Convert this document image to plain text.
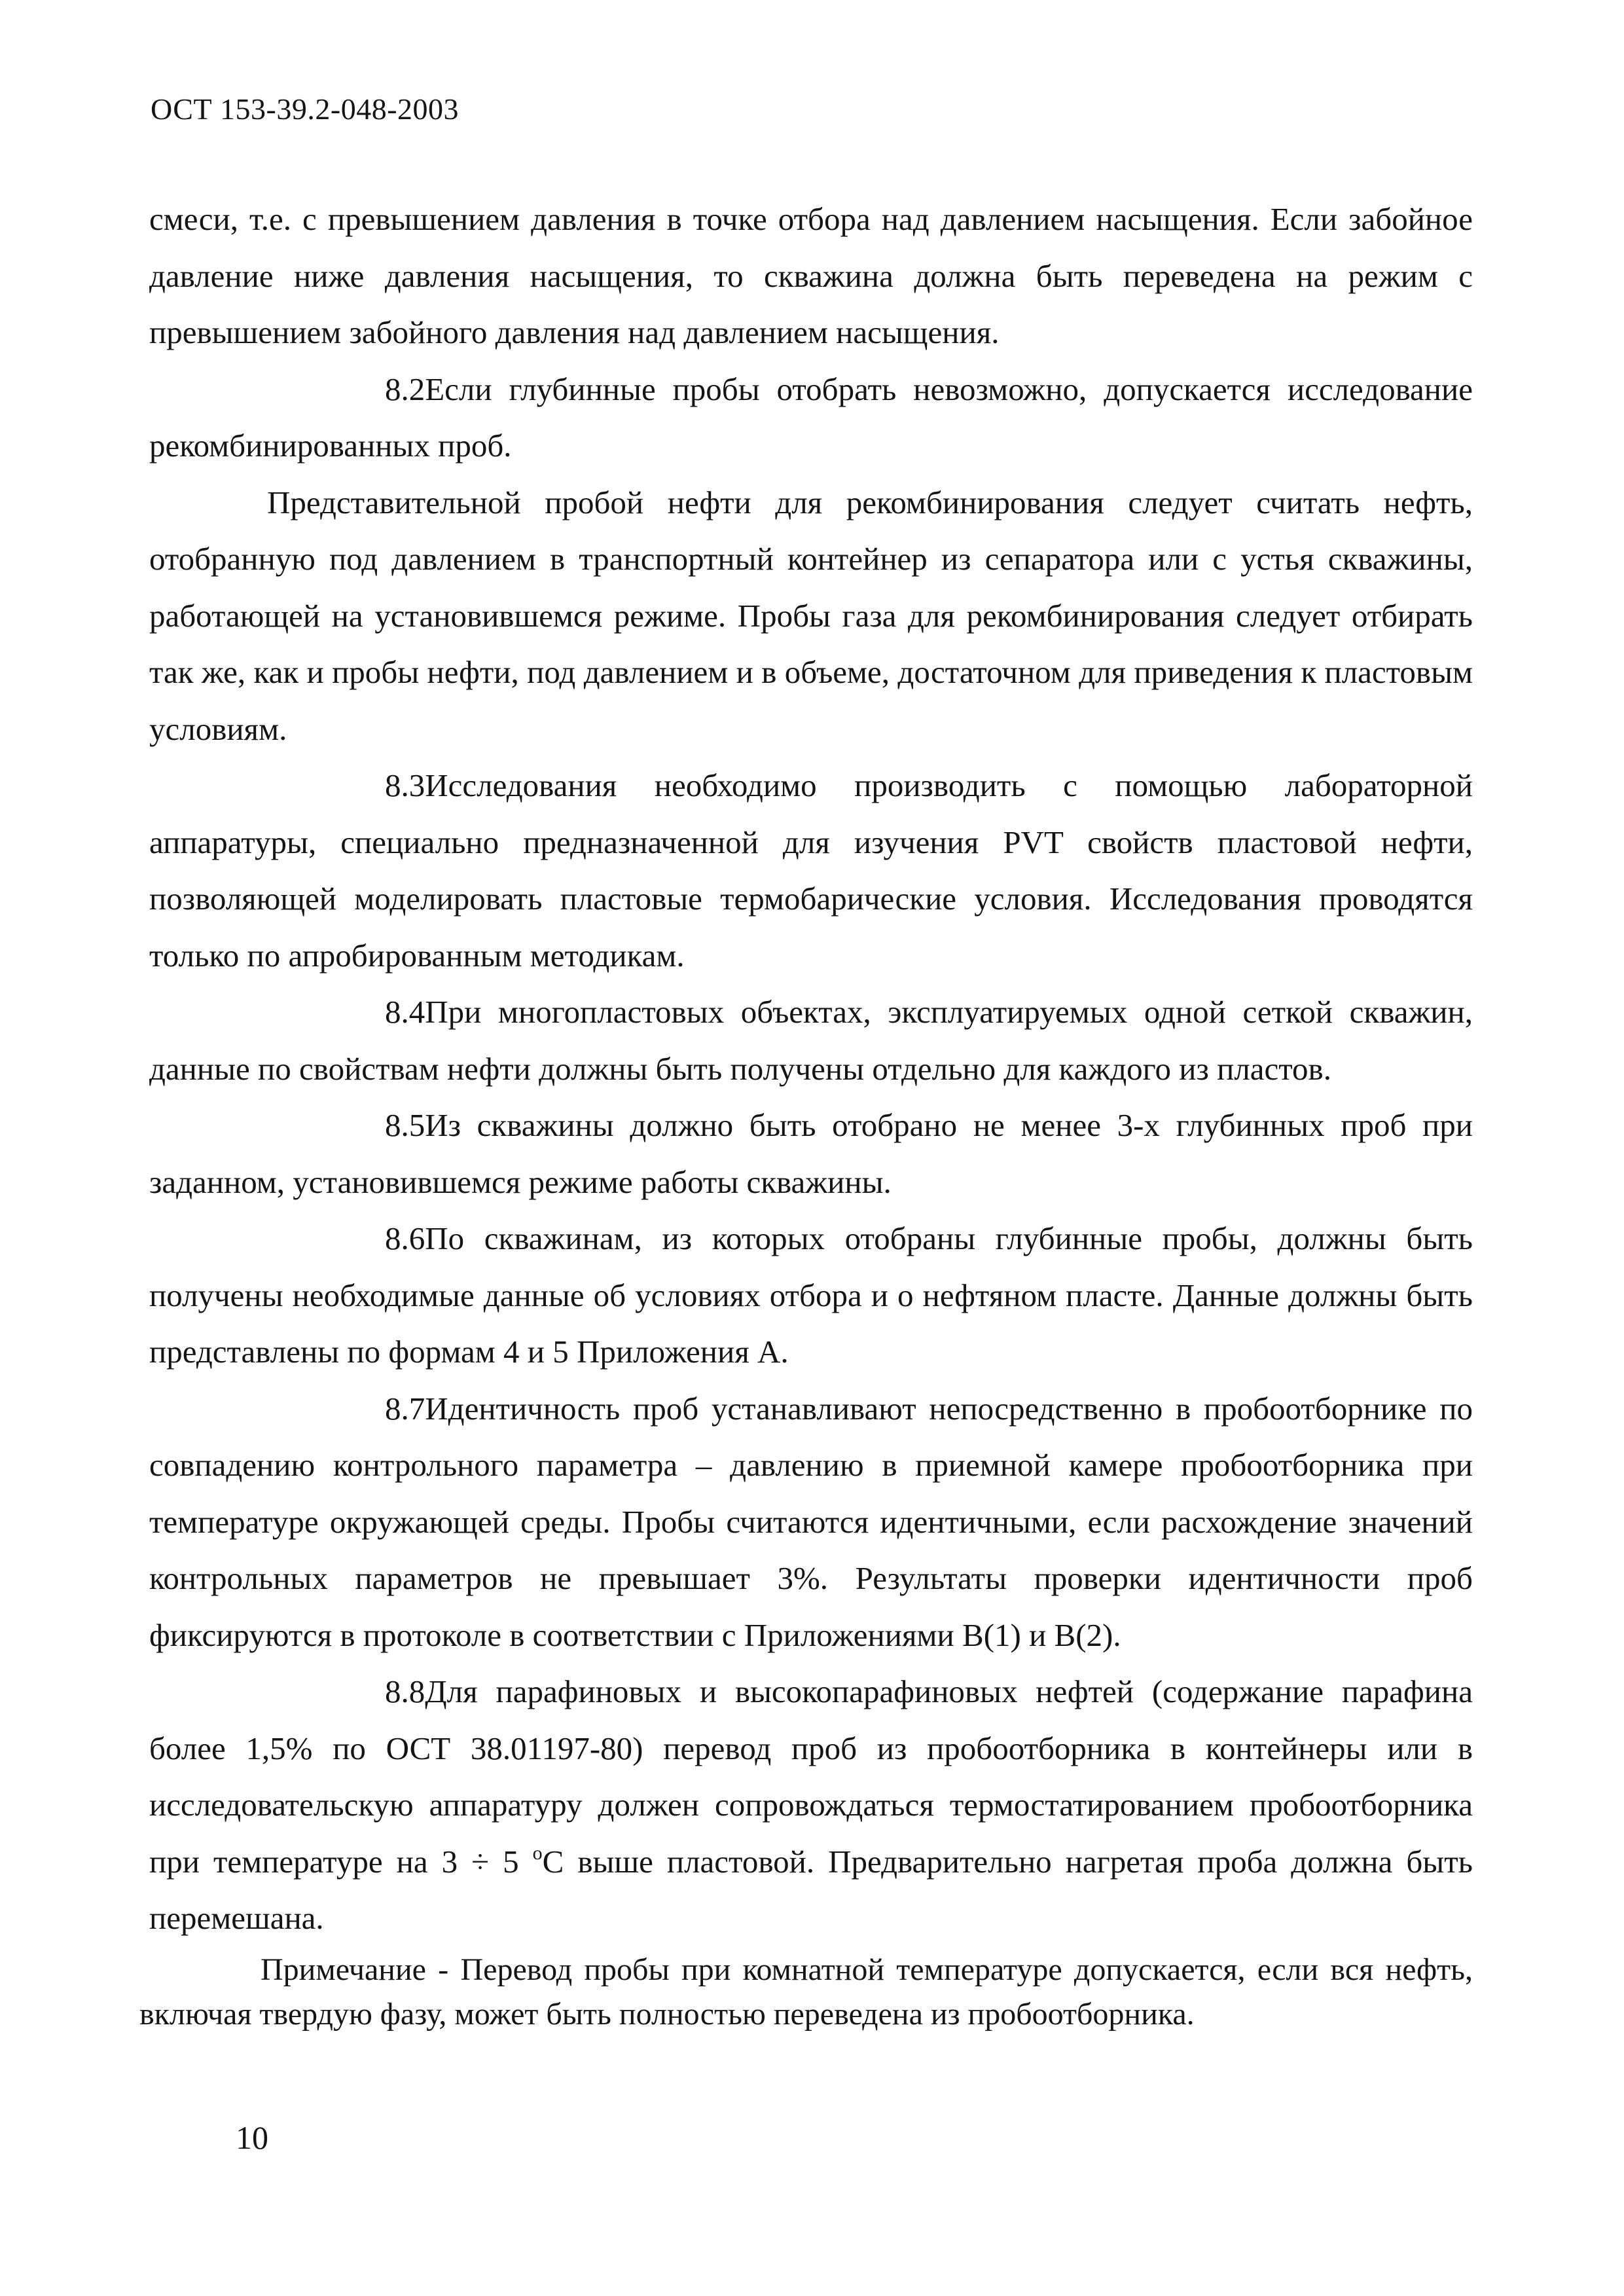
ОСТ 153-39.2-048-2003

смеси, т.е. с превышением давления в точке отбора над давлением насыщения. Если забойное давление ниже давления насыщения, то скважина должна быть переведена на режим с превышением забойного давления над давлением насыщения.

8.2Если глубинные пробы отобрать невозможно, допускается исследование рекомбинированных проб.

Представительной пробой нефти для рекомбинирования следует считать нефть, отобранную под давлением в транспортный контейнер из сепаратора или с устья скважины, работающей на установившемся режиме. Пробы газа для рекомбинирования следует отбирать так же, как и пробы нефти, под давлением и в объеме, достаточном для приведения к пластовым условиям.

8.3Исследования необходимо производить с помощью лабораторной аппаратуры, специально предназначенной для изучения PVT свойств пластовой нефти, позволяющей моделировать пластовые термобарические условия. Исследования проводятся только по апробированным методикам.

8.4При многопластовых объектах, эксплуатируемых одной сеткой скважин, данные по свойствам нефти должны быть получены отдельно для каждого из пластов.

8.5Из скважины должно быть отобрано не менее 3-х глубинных проб при заданном, установившемся режиме работы скважины.

8.6По скважинам, из которых отобраны глубинные пробы, должны быть получены необходимые данные об условиях отбора и о нефтяном пласте. Данные должны быть представлены по формам 4 и 5 Приложения А.

8.7Идентичность проб устанавливают непосредственно в пробоотборнике по совпадению контрольного параметра – давлению в приемной камере пробоотборника при температуре окружающей среды. Пробы считаются идентичными, если расхождение значений контрольных параметров не превышает 3%. Результаты проверки идентичности проб фиксируются в протоколе в соответствии с Приложениями В(1) и В(2).

8.8Для парафиновых и высокопарафиновых нефтей (содержание парафина более 1,5% по ОСТ 38.01197-80) перевод проб из пробоотборника в контейнеры или в исследовательскую аппаратуру должен сопровождаться термостатированием пробоотборника при температуре на 3 ÷ 5 $^о$С выше пластовой. Предварительно нагретая проба должна быть перемешана.

Примечание - Перевод пробы при комнатной температуре допускается, если вся нефть, включая твердую фазу, может быть полностью переведена из пробоотборника.

10
